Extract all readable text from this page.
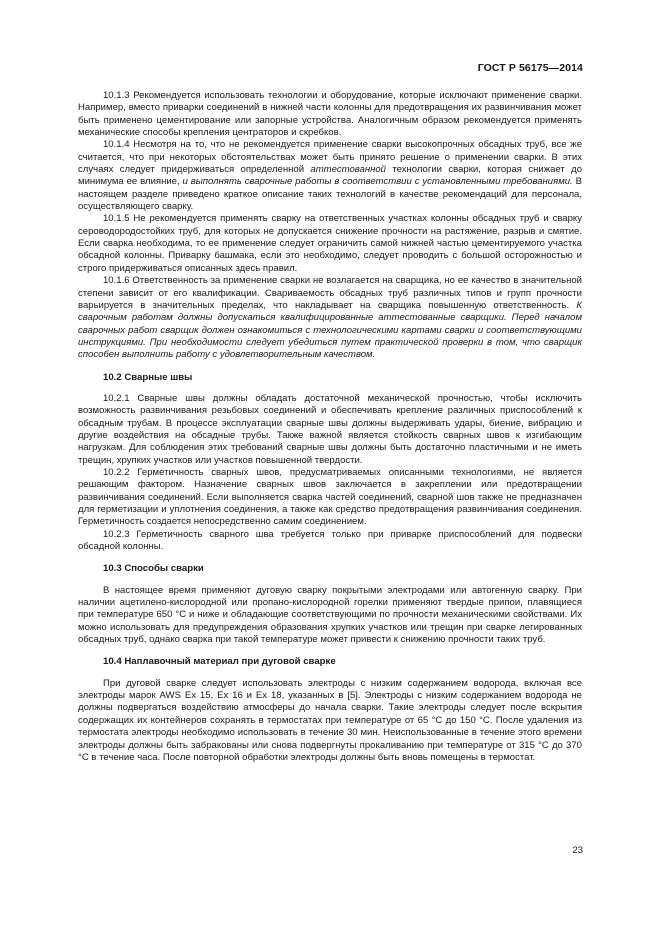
ГОСТ Р 56175—2014

10.1.3 Рекомендуется использовать технологии и оборудование, которые исключают применение сварки. Например, вместо приварки соединений в нижней части колонны для предотвращения их развинчивания может быть применено цементирование или запорные устройства. Аналогичным образом рекомендуется применять механические способы крепления центраторов и скребков.

10.1.4 Несмотря на то, что не рекомендуется применение сварки высокопрочных обсадных труб, все же считается, что при некоторых обстоятельствах может быть принято решение о применении сварки. В этих случаях следует придерживаться определенной аттестованной технологии сварки, которая снижает до минимума ее влияние, и выполнять сварочные работы в соответствии с установленными требованиями. В настоящем разделе приведено краткое описание таких технологий в качестве рекомендаций для персонала, осуществляющего сварку.

10.1.5 Не рекомендуется применять сварку на ответственных участках колонны обсадных труб и сварку сероводородостойких труб, для которых не допускается снижение прочности на растяжение, разрыв и смятие. Если сварка необходима, то ее применение следует ограничить самой нижней частью цементируемого участка обсадной колонны. Приварку башмака, если это необходимо, следует проводить с большой осторожностью и строго придерживаться описанных здесь правил.

10.1.6 Ответственность за применение сварки не возлагается на сварщика, но ее качество в значительной степени зависит от его квалификации. Свариваемость обсадных труб различных типов и групп прочности варьируется в значительных пределах, что накладывает на сварщика повышенную ответственность. К сварочным работам должны допускаться квалифицированные аттестованные сварщики. Перед началом сварочных работ сварщик должен ознакомиться с технологическими картами сварки и соответствующими инструкциями. При необходимости следует убедиться путем практической проверки в том, что сварщик способен выполнить работу с удовлетворительным качеством.

10.2 Сварные швы

10.2.1 Сварные швы должны обладать достаточной механической прочностью, чтобы исключить возможность развинчивания резьбовых соединений и обеспечивать крепление различных приспособлений к обсадным трубам. В процессе эксплуатации сварные швы должны выдерживать удары, биение, вибрацию и другие воздействия на обсадные трубы. Также важной является стойкость сварных швов к изгибающим нагрузкам. Для соблюдения этих требований сварные швы должны быть достаточно пластичными и не иметь трещин, хрупких участков или участков повышенной твердости.

10.2.2 Герметичность сварных швов, предусматриваемых описанными технологиями, не является решающим фактором. Назначение сварных швов заключается в закреплении или предотвращении развинчивания соединений. Если выполняется сварка частей соединений, сварной шов также не предназначен для герметизации и уплотнения соединения, а также как средство предотвращения развинчивания соединения. Герметичность создается непосредственно самим соединением.

10.2.3 Герметичность сварного шва требуется только при приварке приспособлений для подвески обсадной колонны.

10.3 Способы сварки

В настоящее время применяют дуговую сварку покрытыми электродами или автогенную сварку. При наличии ацетилено-кислородной или пропано-кислородной горелки применяют твердые припои, плавящиеся при температуре 650 °С и ниже и обладающие соответствующими по прочности механическими свойствами. Их можно использовать для предупреждения образования хрупких участков или трещин при сварке легированных обсадных труб, однако сварка при такой температуре может привести к снижению прочности таких труб.

10.4 Наплавочный материал при дуговой сварке

При дуговой сварке следует использовать электроды с низким содержанием водорода, включая все электроды марок AWS Еx 15, Еx 16 и Еx 18, указанных в [5]. Электроды с низким содержанием водорода не должны подвергаться воздействию атмосферы до начала сварки. Такие электроды следует после вскрытия содержащих их контейнеров сохранять в термостатах при температуре от 65 °С до 150 °С. После удаления из термостата электроды необходимо использовать в течение 30 мин. Неиспользованные в течение этого времени электроды должны быть забракованы или снова подвергнуты прокаливанию при температуре от 315 °С до 370 °С в течение часа. После повторной обработки электроды должны быть вновь помещены в термостат.

23
